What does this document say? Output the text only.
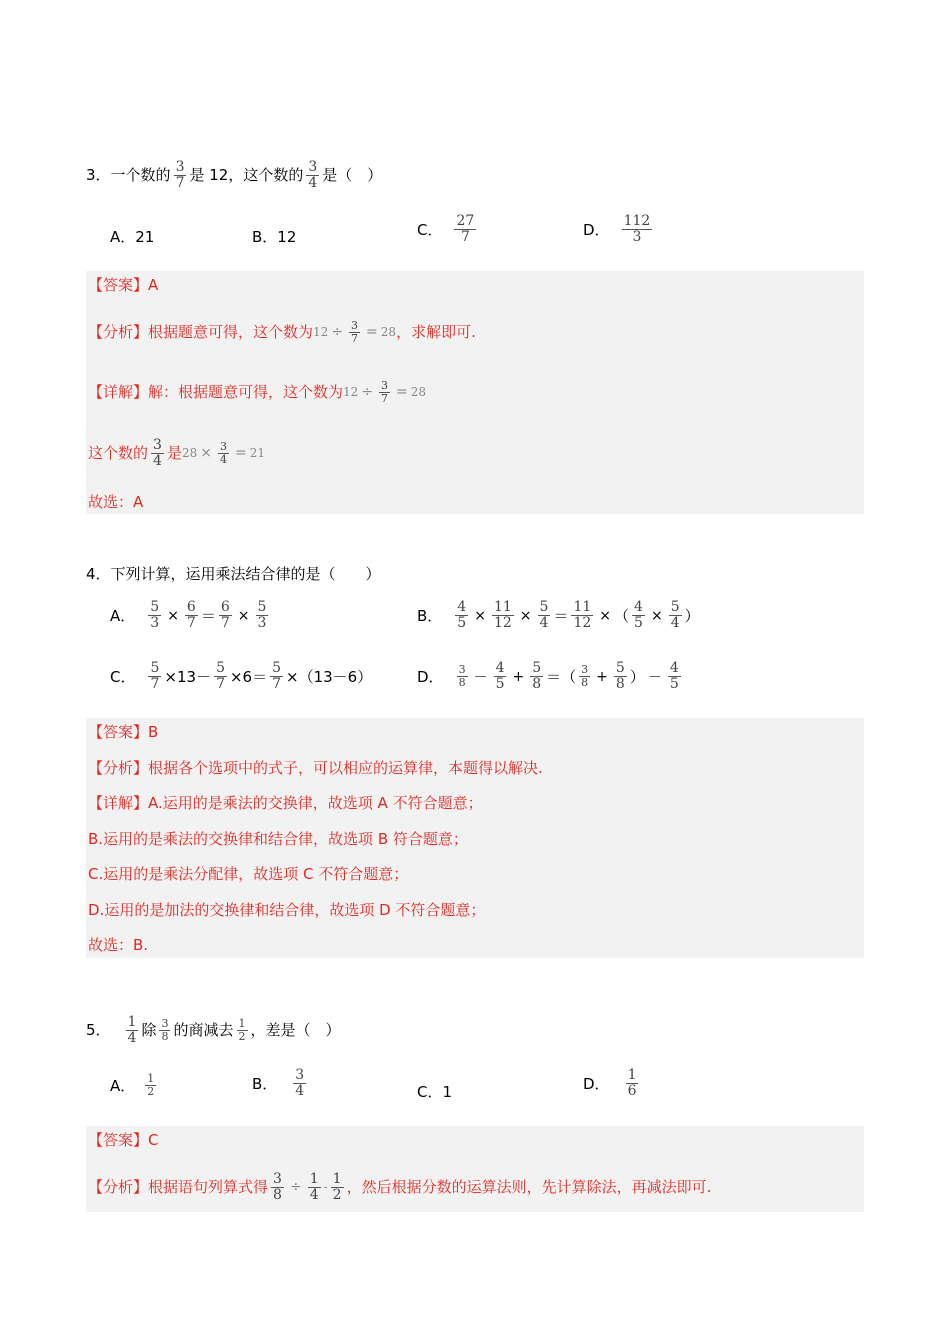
3． 一个数的 $\frac{3}{7}$ 是 12，这个数的 $\frac{3}{4}$ 是（　）
A． 21	B． 12	C． $\frac{27}{7}$	D． $\frac{112}{3}$
【答案】 A
【分析】 根据题意可得，这个数为 $12 \div \frac{3}{7} = 28$ ，求解即可.
【详解】 解：根据题意可得，这个数为 $12 \div \frac{3}{7} = 28$
这个数的 $\frac{3}{4}$ 是 $28 \times \frac{3}{4} = 21$
故选：A
4． 下列计算，运用乘法结合律的是（　　）
A． $\frac{5}{3} \times \frac{6}{7} = \frac{6}{7} \times \frac{5}{3}$	B． $\frac{4}{5} \times \frac{11}{12} \times \frac{5}{4} = \frac{11}{12}$ × （ $\frac{4}{5} \times \frac{5}{4}$ ）
C． $\frac{5}{7} \times 13- \frac{5}{7} \times 6= \frac{5}{7} \times(13-6)$	D． $\frac{3}{8} - \frac{4}{5} + \frac{5}{8}$ ＝ （ $\frac{3}{8} + \frac{5}{8}$ ） － $\frac{4}{5}$
【答案】 B
【分析】 根据各个选项中的式子，可以相应的运算律，本题得以解决.
【详解】 A.运用的是乘法的交换律，故选项 A 不符合题意；
B.运用的是乘法的交换律和结合律，故选项 B 符合题意；
C.运用的是乘法分配律，故选项 C 不符合题意；
D.运用的是加法的交换律和结合律，故选项 D 不符合题意；
故选：B.
5． $\frac{1}{4}$ 除 $\frac{3}{8}$ 的商减去 $\frac{1}{2}$ ，差是（　）
A． $\frac{1}{2}$	B． $\frac{3}{4}$	C． 1	D． $\frac{1}{6}$
【答案】 C
【分析】 根据语句列算式得 $\frac{3}{8} \div \frac{1}{4} - \frac{1}{2}$ ，然后根据分数的运算法则，先计算除法，再减法即可.
